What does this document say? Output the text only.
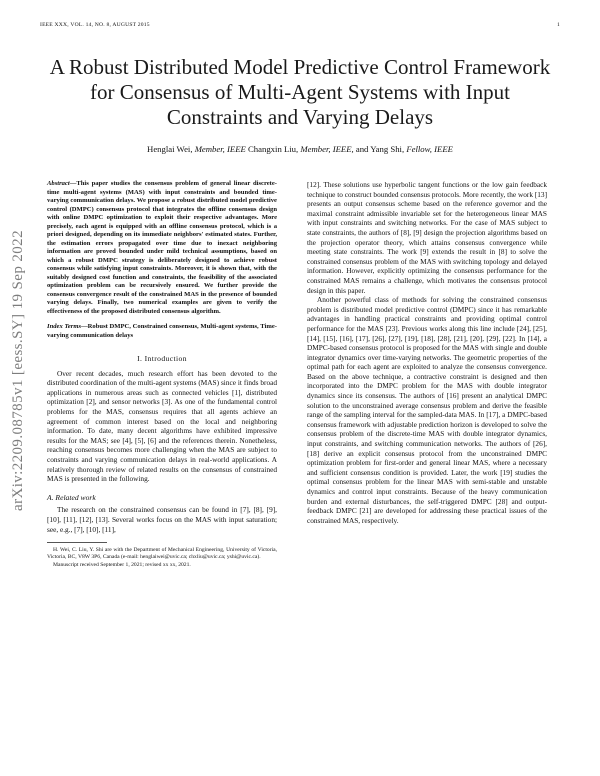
IEEE XXX, VOL. 14, NO. 8, AUGUST 2015	1
arXiv:2209.08785v1 [eess.SY] 19 Sep 2022
A Robust Distributed Model Predictive Control Framework for Consensus of Multi-Agent Systems with Input Constraints and Varying Delays
Henglai Wei, Member, IEEE Changxin Liu, Member, IEEE, and Yang Shi, Fellow, IEEE
Abstract—This paper studies the consensus problem of general linear discrete-time multi-agent systems (MAS) with input constraints and bounded time-varying communication delays. We propose a robust distributed model predictive control (DMPC) consensus protocol that integrates the offline consensus design with online DMPC optimization to exploit their respective advantages. More precisely, each agent is equipped with an offline consensus protocol, which is a priori designed, depending on its immediate neighbors' estimated states. Further, the estimation errors propagated over time due to inexact neighboring information are proved bounded under mild technical assumptions, based on which a robust DMPC strategy is deliberately designed to achieve robust consensus while satisfying input constraints. Moreover, it is shown that, with the suitably designed cost function and constraints, the feasibility of the associated optimization problem can be recursively ensured. We further provide the consensus convergence result of the constrained MAS in the presence of bounded varying delays. Finally, two numerical examples are given to verify the effectiveness of the proposed distributed consensus algorithm.
Index Terms—Robust DMPC, Constrained consensus, Multi-agent systems, Time-varying communication delays
I. Introduction

Over recent decades, much research effort has been devoted to the distributed coordination of the multi-agent systems (MAS) since it finds broad applications in numerous areas such as connected vehicles [1], distributed optimization [2], and sensor networks [3]. As one of the fundamental control problems for the MAS, consensus requires that all agents achieve an agreement of common interest based on the local and neighboring information. To date, many decent algorithms have exhibited impressive results for the MAS; see [4], [5], [6] and the references therein. Nonetheless, reaching consensus becomes more challenging when the MAS are subject to constraints and varying communication delays in real-world applications. A relatively thorough review of related results on the consensus of constrained MAS is presented in the following.

A. Related work

The research on the constrained consensus can be found in [7], [8], [9], [10], [11], [12], [13]. Several works focus on the MAS with input saturation; see, e.g., [7], [10], [11],

H. Wei, C. Liu, Y. Shi are with the Department of Mechanical Engineering, University of Victoria, Victoria, BC, V8W 3P6, Canada (e-mail: henglaiwei@uvic.ca; chxliu@uvic.ca; yshi@uvic.ca).

Manuscript received September 1, 2021; revised xx xx, 2021.

[12]. These solutions use hyperbolic tangent functions or the low gain feedback technique to construct bounded consensus protocols. More recently, the work [13] presents an output consensus scheme based on the reference governor and the maximal constraint admissible invariable set for the heterogeneous linear MAS with input constraints and switching networks. For the case of MAS subject to state constraints, the authors of [8], [9] design the projection algorithms based on the projection operator theory, which attains consensus convergence while meeting state constraints. The work [9] extends the result in [8] to solve the constrained consensus problem of the MAS with switching topology and delayed information. However, explicitly optimizing the consensus performance for the constrained MAS remains a challenge, which motivates the consensus protocol design in this paper.

Another powerful class of methods for solving the constrained consensus problem is distributed model predictive control (DMPC) since it has remarkable advantages in handling practical constraints and providing optimal control performance for the MAS [23]. Previous works along this line include [24], [25], [14], [15], [16], [17], [26], [27], [19], [18], [28], [21], [20], [29], [22]. In [14], a DMPC-based consensus protocol is proposed for the MAS with single and double integrator dynamics over time-varying networks. The geometric properties of the optimal path for each agent are exploited to analyze the consensus convergence. Based on the above technique, a contractive constraint is designed and then incorporated into the DMPC problem for the MAS with double integrator dynamics since its consensus. The authors of [16] present an analytical DMPC solution to the unconstrained average consensus problem and derive the feasible range of the sampling interval for the sampled-data MAS. In [17], a DMPC-based consensus framework with adjustable prediction horizon is developed to solve the consensus problem of the discrete-time MAS with double integrator dynamics, input constraints, and switching communication networks. The authors of [26], [18] derive an explicit consensus protocol from the unconstrained DMPC optimization problem for first-order and general linear MAS, where a necessary and sufficient consensus condition is provided. Later, the work [19] studies the optimal consensus problem for the linear MAS with semi-stable and unstable dynamics and control input constraints. Because of the heavy communication burden and external disturbances, the self-triggered DMPC [28] and output-feedback DMPC [21] are developed for addressing these practical issues of the constrained MAS, respectively.
